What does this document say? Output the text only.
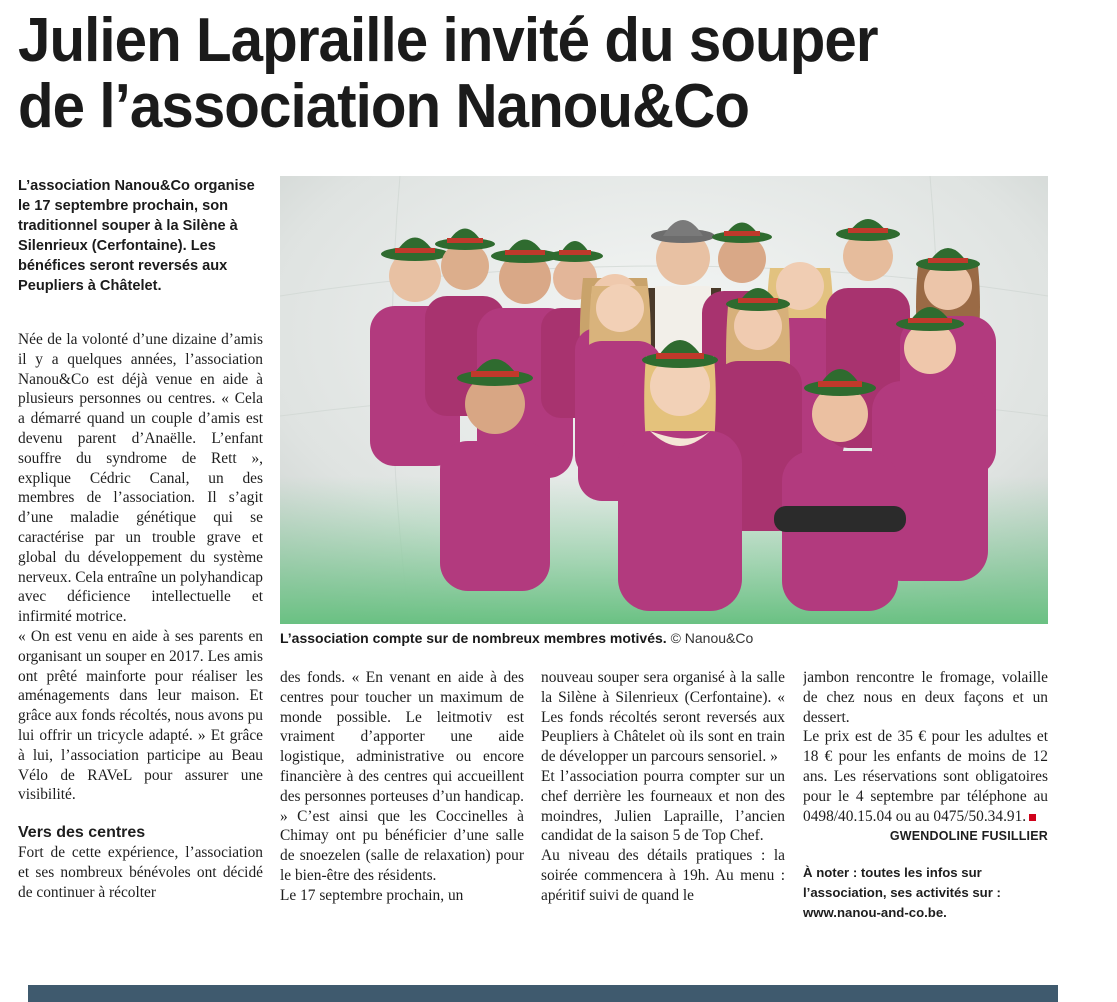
Julien Lapraille invité du souper
de l’association Nanou&Co
L’association Nanou&Co organise le 17 septembre prochain, son traditionnel souper à la Silène à Silenrieux (Cerfontaine). Les bénéfices seront reversés aux Peupliers à Châtelet.

Née de la volonté d’une dizaine d’amis il y a quelques années, l’association Nanou&Co est déjà venue en aide à plusieurs personnes ou centres. « Cela a démarré quand un couple d’amis est devenu parent d’Anaëlle. L’enfant souffre du syndrome de Rett », explique Cédric Canal, un des membres de l’association. Il s’agit d’une maladie génétique qui se caractérise par un trouble grave et global du développement du système nerveux. Cela entraîne un polyhandicap avec déficience intellectuelle et infirmité motrice.

« On est venu en aide à ses parents en organisant un souper en 2017. Les amis ont prêté mainforte pour réaliser les aménagements dans leur maison. Et grâce aux fonds récoltés, nous avons pu lui offrir un tricycle adapté. » Et grâce à lui, l’association participe au Beau Vélo de RAVeL pour assurer une visibilité.

Vers des centres

Fort de cette expérience, l’association et ses nombreux bénévoles ont décidé de continuer à récolter

des fonds. « En venant en aide à des centres pour toucher un maximum de monde possible. Le leitmotiv est vraiment d’apporter une aide logistique, administrative ou encore financière à des centres qui accueillent des personnes porteuses d’un handicap. » C’est ainsi que les Coccinelles à Chimay ont pu bénéficier d’une salle de snoezelen (salle de relaxation) pour le bien-être des résidents.

Le 17 septembre prochain, un

nouveau souper sera organisé à la salle la Silène à Silenrieux (Cerfontaine). « Les fonds récoltés seront reversés aux Peupliers à Châtelet où ils sont en train de développer un parcours sensoriel. »

Et l’association pourra compter sur un chef derrière les fourneaux et non des moindres, Julien Lapraille, l’ancien candidat de la saison 5 de Top Chef.

Au niveau des détails pratiques : la soirée commencera à 19h. Au menu : apéritif suivi de quand le

jambon rencontre le fromage, volaille de chez nous en deux façons et un dessert.

Le prix est de 35 € pour les adultes et 18 € pour les enfants de moins de 12 ans. Les réservations sont obligatoires pour le 4 septembre par téléphone au 0498/40.15.04 ou au 0475/50.34.91.

GWENDOLINE FUSILLIER
À noter : toutes les infos sur l’association, ses activités sur : www.nanou-and-co.be.
L’association compte sur de nombreux membres motivés. © Nanou&Co
